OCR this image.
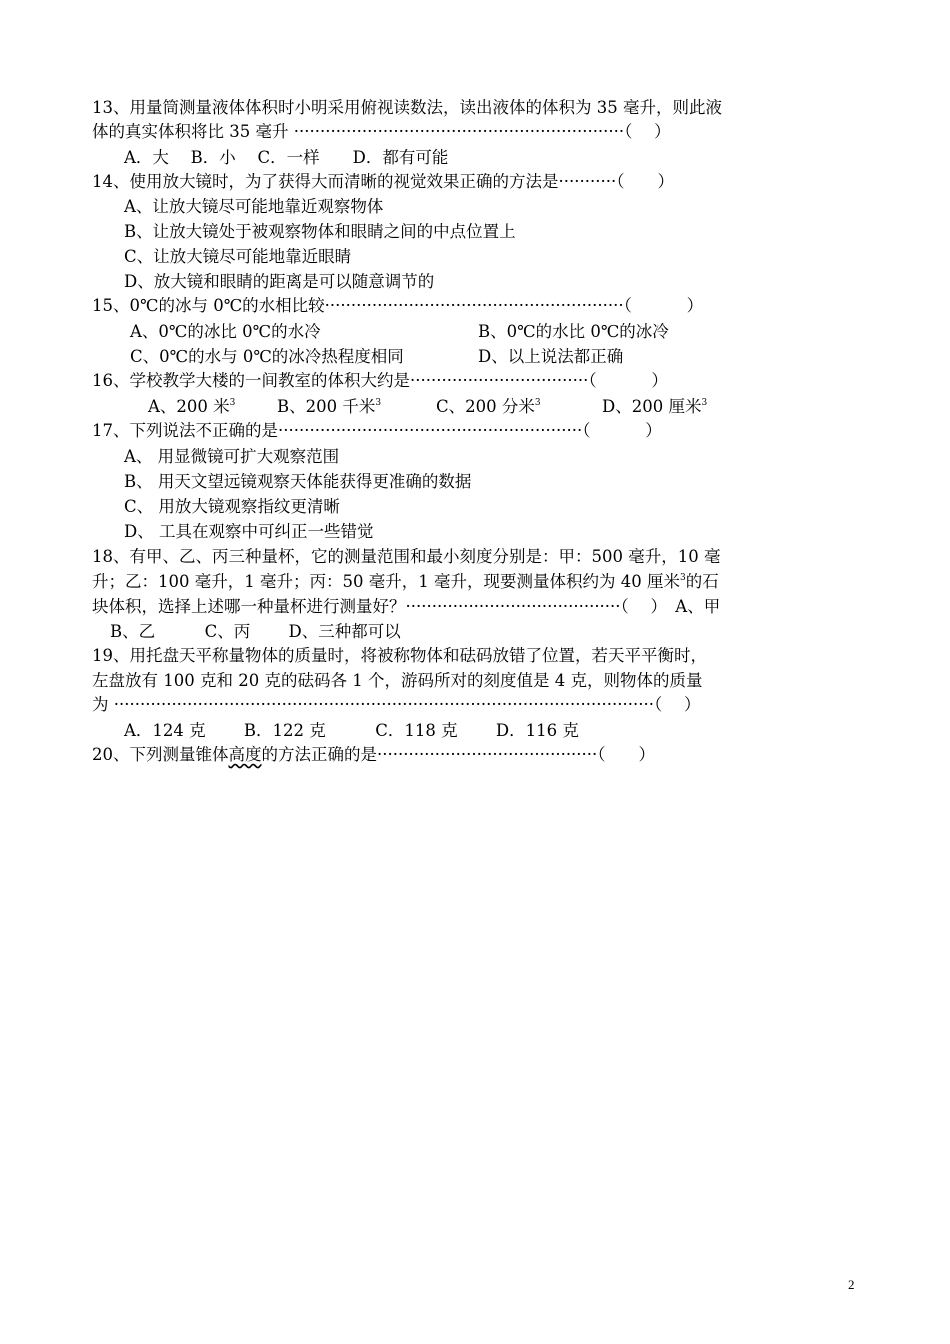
13、用量筒测量液体体积时小明采用俯视读数法，读出液体的体积为 35 毫升，则此液
体的真实体积将比 35 毫升 ·······························································（　 ）
A．大　 B．小　 C．一样　　D．都有可能
14、使用放大镜时，为了获得大而清晰的视觉效果正确的方法是···········（　　）
A、让放大镜尽可能地靠近观察物体
B、让放大镜处于被观察物体和眼睛之间的中点位置上
C、让放大镜尽可能地靠近眼睛
D、放大镜和眼睛的距离是可以随意调节的
15、0℃的冰与 0℃的水相比较·························································（　　　 ）
A、0℃的冰比 0℃的水冷	B、0℃的水比 0℃的冰冷
C、0℃的水与 0℃的冰冷热程度相同	D、以上说法都正确
16、学校教学大楼的一间教室的体积大约是··································（　　　 ）
A、200 米$^3$	B、200 千米$^3$	C、200 分米$^3$	D、200 厘米$^3$
17、下列说法不正确的是··························································（　　　 ）
A、 用显微镜可扩大观察范围
B、 用天文望远镜观察天体能获得更准确的数据
C、 用放大镜观察指纹更清晰
D、 工具在观察中可纠正一些错觉
18、有甲、乙、丙三种量杯，它的测量范围和最小刻度分别是：甲：500 毫升，10 毫
升；乙：100 毫升，1 毫升；丙：50 毫升，1 毫升，现要测量体积约为 40 厘米$^3$的石
块体积，选择上述哪一种量杯进行测量好？·········································（　 ）　A、甲
B、乙　　　C、丙　　 D、三种都可以
19、用托盘天平称量物体的质量时，将被称物体和砝码放错了位置，若天平平衡时，
左盘放有 100 克和 20 克的砝码各 1 个，游码所对的刻度值是 4 克，则物体的质量
为 ·······································································································（　 ）
A．124 克　　 B．122 克　　　C．118 克　　 D．116 克
20、下列测量锥体高度的方法正确的是··········································（　　）
2
